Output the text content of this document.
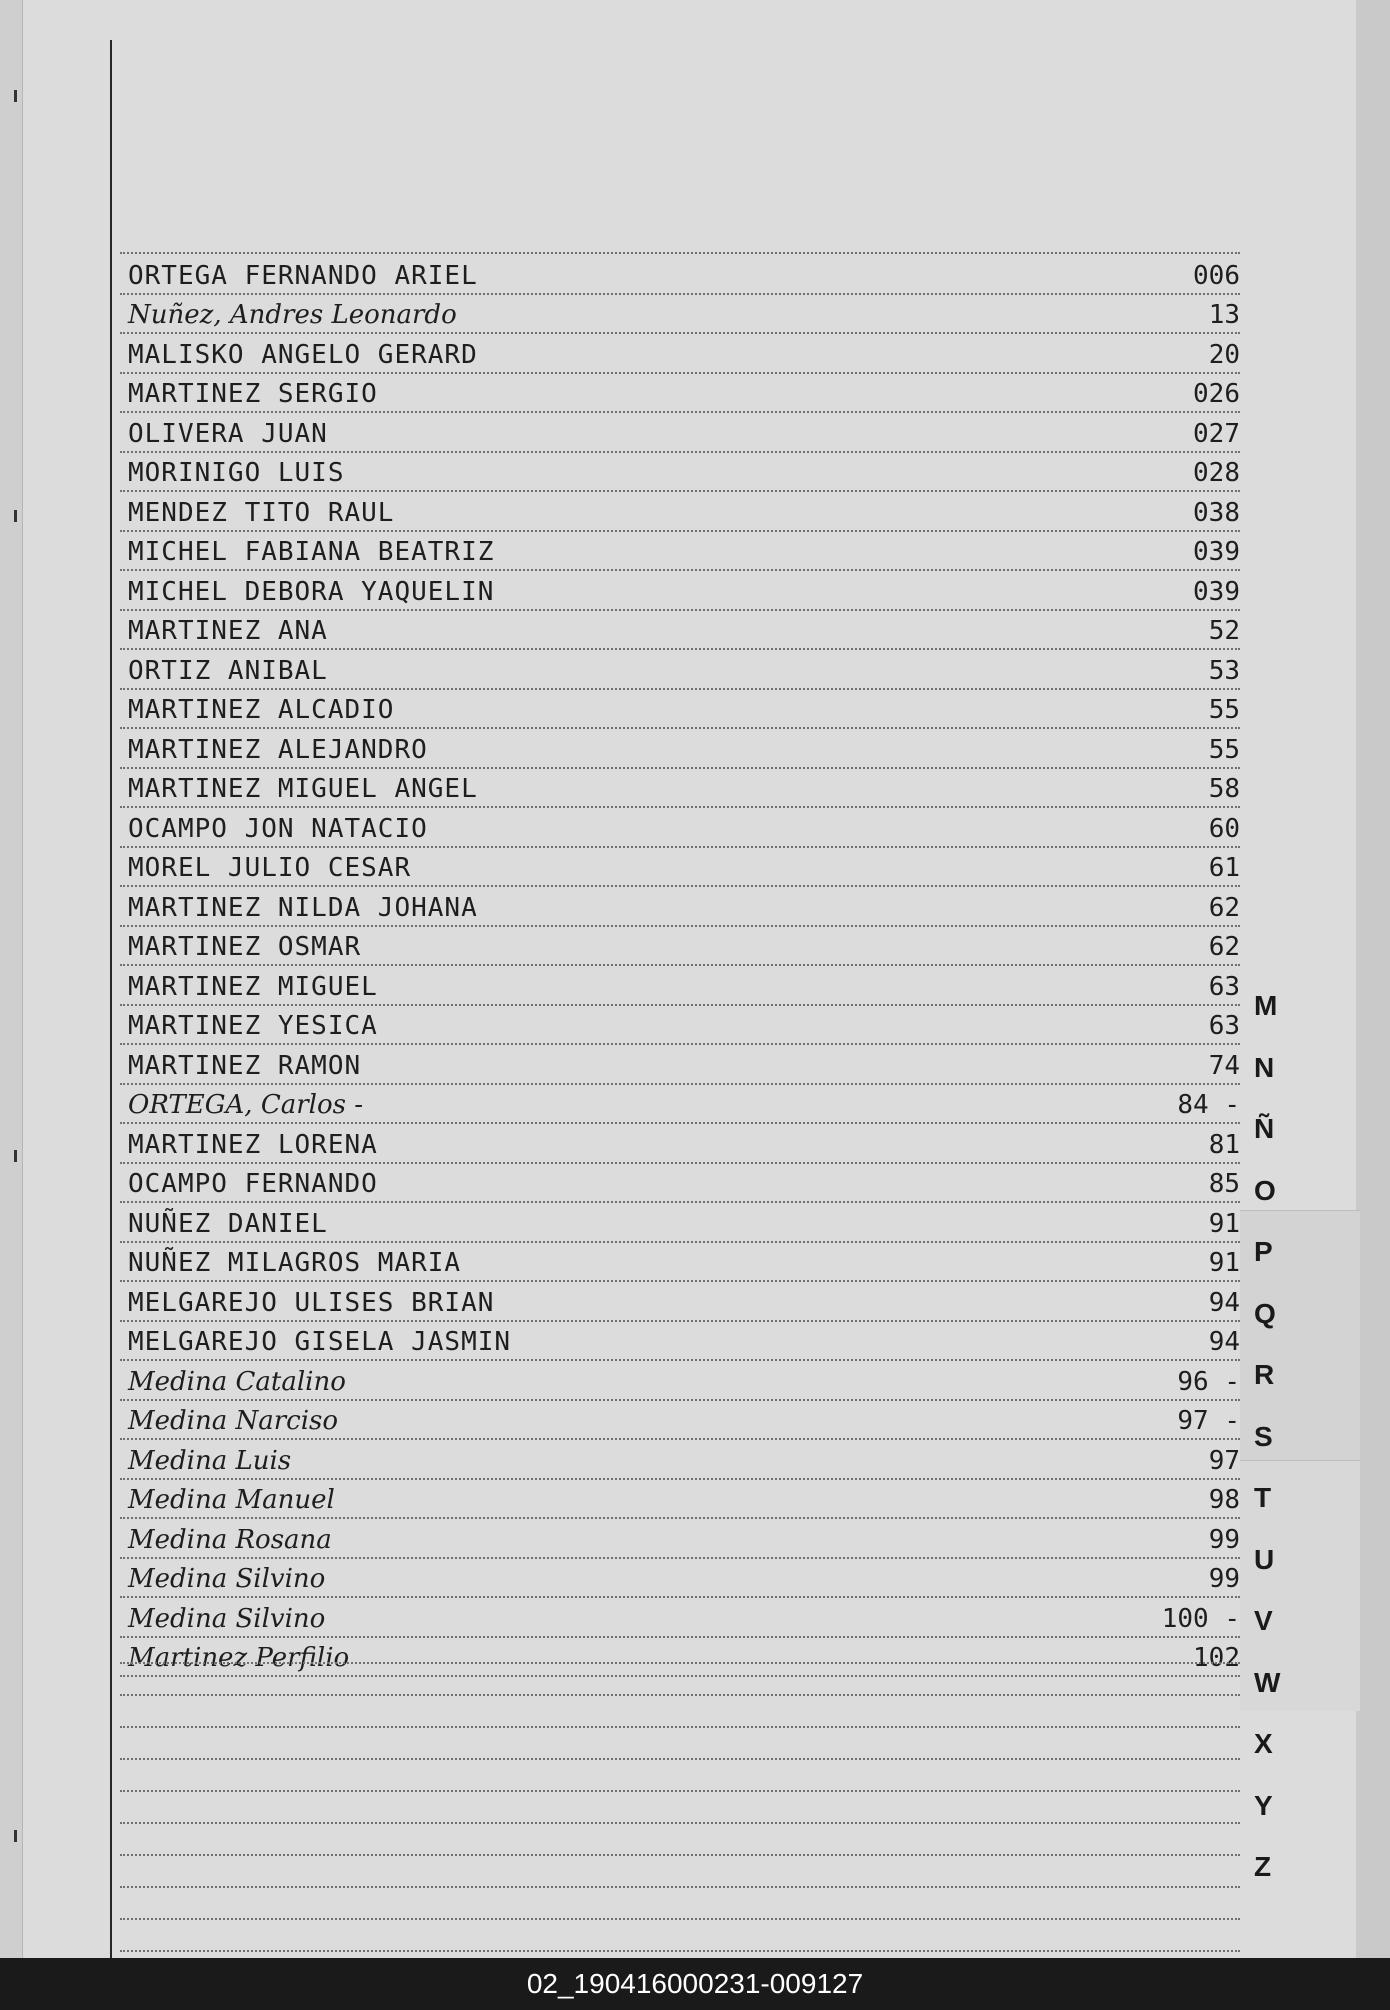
ORTEGA FERNANDO ARIEL	006
Nuñez, Andres Leonardo	13
MALISKO ANGELO GERARD	20
MARTINEZ SERGIO	026
OLIVERA JUAN	027
MORINIGO LUIS	028
MENDEZ TITO RAUL	038
MICHEL FABIANA BEATRIZ	039
MICHEL DEBORA YAQUELIN	039
MARTINEZ ANA	52
ORTIZ ANIBAL	53
MARTINEZ ALCADIO	55
MARTINEZ ALEJANDRO	55
MARTINEZ MIGUEL ANGEL	58
OCAMPO JON NATACIO	60
MOREL JULIO CESAR	61
MARTINEZ NILDA JOHANA	62
MARTINEZ OSMAR	62
MARTINEZ MIGUEL	63
MARTINEZ YESICA	63
MARTINEZ RAMON	74
ORTEGA, Carlos -	84 -
MARTINEZ LORENA	81
OCAMPO FERNANDO	85
NUÑEZ DANIEL	91
NUÑEZ MILAGROS MARIA	91
MELGAREJO ULISES BRIAN	94
MELGAREJO GISELA JASMIN	94
Medina Catalino	96 -
Medina Narciso	97 -
Medina Luis	97
Medina Manuel	98
Medina Rosana	99
Medina Silvino	99
Medina Silvino	100 -
Martinez Perfilio	102
M
N
Ñ
O
P
Q
R
S
T
U
V
W
X
Y
Z
02_190416000231-009127
